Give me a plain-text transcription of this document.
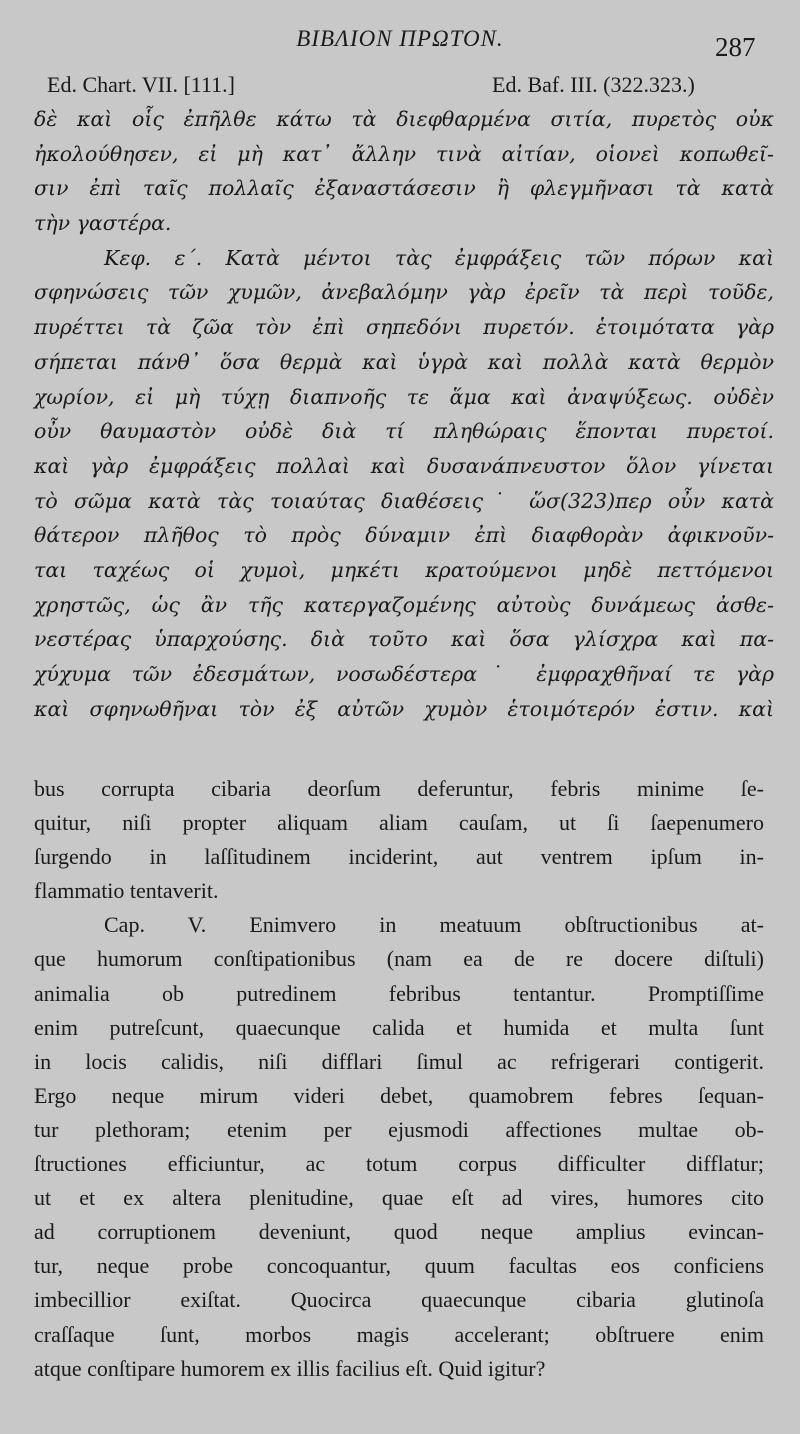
BIBΛΙΟΝ ΠΡΩΤΟΝ.	287
Ed. Chart. VII. [111.]	Ed. Baf. III. (322.323.)
δὲ καὶ οἷς ἐπῆλθε κάτω τὰ διεφθαρμένα σιτία, πυρετὸς οὐκ
ἠκολούθησεν, εἰ μὴ κατ᾿ ἄλλην τινὰ αἰτίαν, οἱονεὶ κοπωθεῖ-
σιν ἐπὶ ταῖς πολλαῖς ἐξαναστάσεσιν ἢ φλεγμῆνασι τὰ κατὰ
τὴν γαστέρα.
Κεφ. ε΄. Κατὰ μέντοι τὰς ἐμφράξεις τῶν πόρων καὶ
σφηνώσεις τῶν χυμῶν, ἀνεβαλόμην γὰρ ἐρεῖν τὰ περὶ τοῦδε,
πυρέττει τὰ ζῶα τὸν ἐπὶ σηπεδόνι πυρετόν. ἑτοιμότατα γὰρ
σήπεται πάνθ᾿ ὅσα θερμὰ καὶ ὑγρὰ καὶ πολλὰ κατὰ θερμὸν
χωρίον, εἰ μὴ τύχῃ διαπνοῆς τε ἅμα καὶ ἀναψύξεως. οὐδὲν
οὖν θαυμαστὸν οὐδὲ διὰ τί πληθώραις ἕπονται πυρετοί.
καὶ γὰρ ἐμφράξεις πολλαὶ καὶ δυσανάπνευστον ὅλον γίνεται
τὸ σῶμα κατὰ τὰς τοιαύτας διαθέσεις˙ ὥσ(323)περ οὖν κατὰ
θάτερον πλῆθος τὸ πρὸς δύναμιν ἐπὶ διαφθορὰν ἀφικνοῦν-
ται ταχέως οἱ χυμοὶ, μηκέτι κρατούμενοι μηδὲ πεττόμενοι
χρηστῶς, ὡς ἂν τῆς κατεργαζομένης αὐτοὺς δυνάμεως ἀσθε-
νεστέρας ὑπαρχούσης. διὰ τοῦτο καὶ ὅσα γλίσχρα καὶ πα-
χύχυμα τῶν ἐδεσμάτων, νοσωδέστερα˙ ἐμφραχθῆναί τε γὰρ
καὶ σφηνωθῆναι τὸν ἐξ αὐτῶν χυμὸν ἑτοιμότερόν ἐστιν. καὶ
bus corrupta cibaria deorſum deferuntur, febris minime ſe-
quitur, niſi propter aliquam aliam cauſam, ut ſi ſaepenumero
ſurgendo in laſſitudinem inciderint, aut ventrem ipſum in-
flammatio tentaverit.
Cap. V. Enimvero in meatuum obſtructionibus at-
que humorum conſtipationibus (nam ea de re docere diſtuli)
animalia ob putredinem febribus tentantur. Promptiſſime
enim putreſcunt, quaecunque calida et humida et multa ſunt
in locis calidis, niſi difflari ſimul ac refrigerari contigerit.
Ergo neque mirum videri debet, quamobrem febres ſequan-
tur plethoram; etenim per ejusmodi affectiones multae ob-
ſtructiones efficiuntur, ac totum corpus difficulter difflatur;
ut et ex altera plenitudine, quae eſt ad vires, humores cito
ad corruptionem deveniunt, quod neque amplius evincan-
tur, neque probe concoquantur, quum facultas eos conficiens
imbecillior exiſtat. Quocirca quaecunque cibaria glutinoſa
craſſaque ſunt, morbos magis accelerant; obſtruere enim
atque conſtipare humorem ex illis facilius eſt. Quid igitur?
